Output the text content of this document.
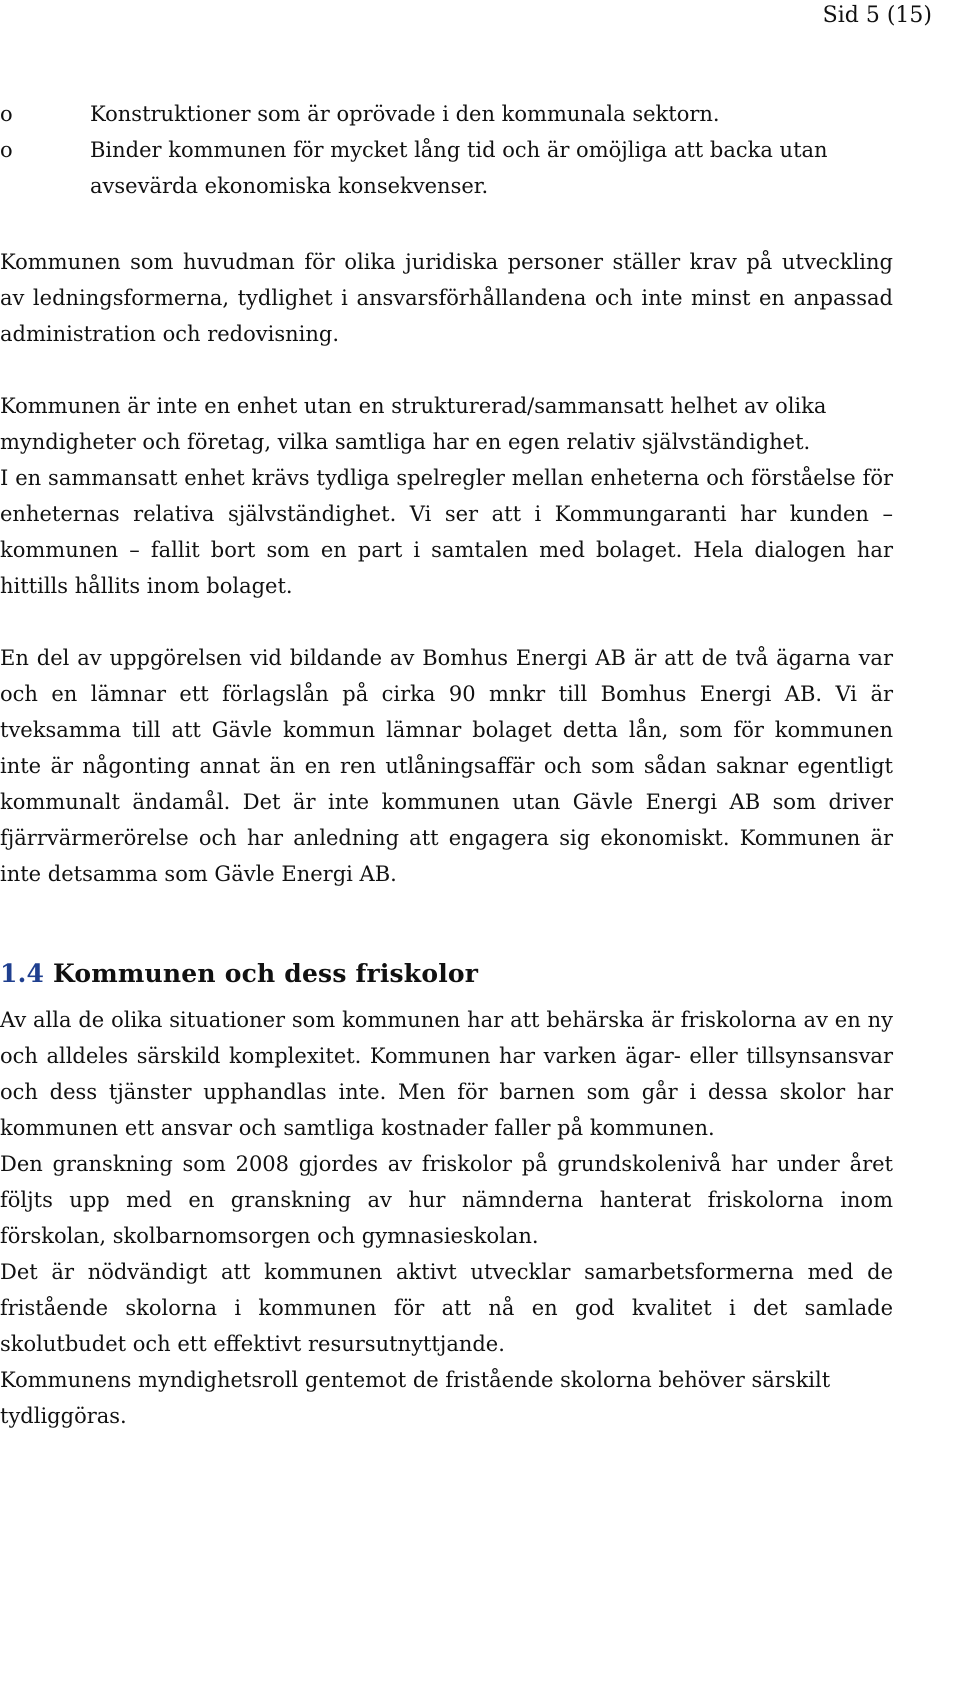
Sid 5 (15)
o	Konstruktioner som är oprövade i den kommunala sektorn.
o	Binder kommunen för mycket lång tid och är omöjliga att backa utan avsevärda ekonomiska konsekvenser.

Kommunen som huvudman för olika juridiska personer ställer krav på utveckling av ledningsformerna, tydlighet i ansvarsförhållandena och inte minst en anpassad administration och redovisning.

Kommunen är inte en enhet utan en strukturerad/sammansatt helhet av olika myndigheter och företag, vilka samtliga har en egen relativ självständighet.

I en sammansatt enhet krävs tydliga spelregler mellan enheterna och förståelse för enheternas relativa självständighet. Vi ser att i Kommungaranti har kunden – kommunen – fallit bort som en part i samtalen med bolaget. Hela dialogen har hittills hållits inom bolaget.

En del av uppgörelsen vid bildande av Bomhus Energi AB är att de två ägarna var och en lämnar ett förlagslån på cirka 90 mnkr till Bomhus Energi AB. Vi är tveksamma till att Gävle kommun lämnar bolaget detta lån, som för kommunen inte är någonting annat än en ren utlåningsaffär och som sådan saknar egentligt kommunalt ändamål. Det är inte kommunen utan Gävle Energi AB som driver fjärrvärmerörelse och har anledning att engagera sig ekonomiskt. Kommunen är inte detsamma som Gävle Energi AB.

1.4 Kommunen och dess friskolor

Av alla de olika situationer som kommunen har att behärska är friskolorna av en ny och alldeles särskild komplexitet. Kommunen har varken ägar- eller tillsynsansvar och dess tjänster upphandlas inte. Men för barnen som går i dessa skolor har kommunen ett ansvar och samtliga kostnader faller på kommunen.

Den granskning som 2008 gjordes av friskolor på grundskolenivå har under året följts upp med en granskning av hur nämnderna hanterat friskolorna inom förskolan, skolbarnomsorgen och gymnasieskolan.

Det är nödvändigt att kommunen aktivt utvecklar samarbetsformerna med de fristående skolorna i kommunen för att nå en god kvalitet i det samlade skolutbudet och ett effektivt resursutnyttjande.

Kommunens myndighetsroll gentemot de fristående skolorna behöver särskilt tydliggöras.
